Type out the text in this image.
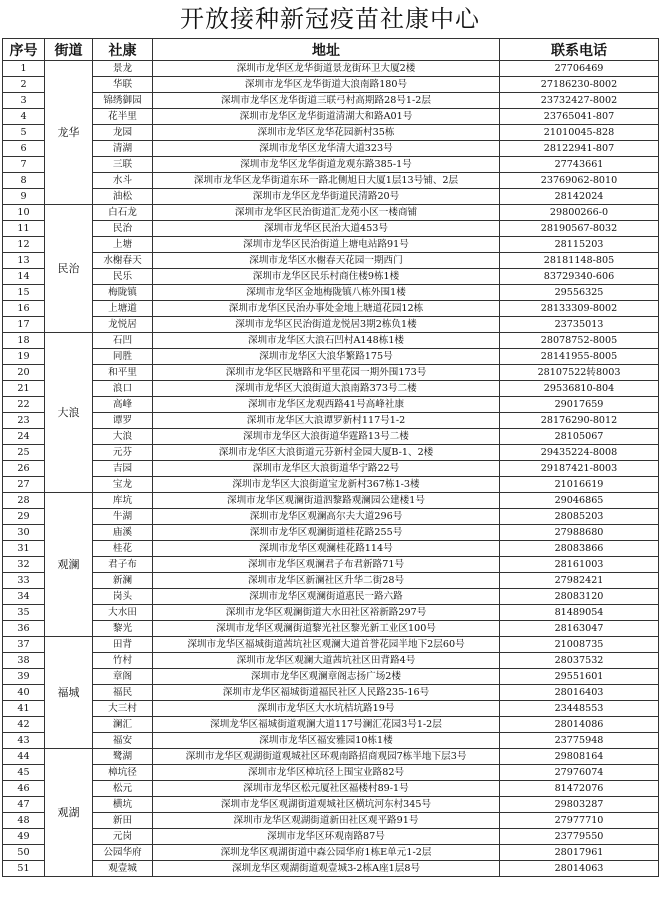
开放接种新冠疫苗社康中心
序号	街道	社康	地址	联系电话
1	龙华	景龙	深圳市龙华区龙华街道景龙街环卫大厦2楼	27706469
2		华联	深圳市龙华区龙华街道大浪南路180号	27186230-8002
3		锦绣御园	深圳市龙华区龙华街道三联弓村高期路28号1-2层	23732427-8002
4		花半里	深圳市龙华区龙华街道清湖大和路A01号	23765041-807
5		龙园	深圳市龙华区龙华花园新村35栋	21010045-828
6		清湖	深圳市龙华区龙华清大道323号	28122941-807
7		三联	深圳市龙华区龙华街道龙观东路385-1号	27743661
8		水斗	深圳市龙华区龙华街道东环一路北侧旭日大厦1层13号铺、2层	23769062-8010
9		油松	深圳市龙华区龙华街道民清路20号	28142024
10	民治	白石龙	深圳市龙华区民治街道汇龙苑小区一楼商铺	29800266-0
11		民治	深圳市龙华区民治大道453号	28190567-8032
12		上塘	深圳市龙华区民治街道上塘电站路91号	28115203
13		水榭春天	深圳市龙华区水榭春天花园一期西门	28181148-805
14		民乐	深圳市龙华区民乐村商住楼9栋1楼	83729340-606
15		梅陇镇	深圳市龙华区金地梅陇镇八栋外围1楼	29556325
16		上塘道	深圳市龙华区民治办事处金地上塘道花园12栋	28133309-8002
17		龙悦居	深圳市龙华区民治街道龙悦居3期2栋负1楼	23735013
18	大浪	石凹	深圳市龙华区大浪石凹村A148栋1楼	28078752-8005
19		同胜	深圳市龙华区大浪华繁路175号	28141955-8005
20		和平里	深圳市龙华区民塘路和平里花园一期外围173号	28107522转8003
21		浪口	深圳市龙华区大浪街道大浪南路373号二楼	29536810-804
22		高峰	深圳市龙华区龙观西路41号高峰社康	29017659
23		谭罗	深圳市龙华区大浪谭罗新村117号1-2	28176290-8012
24		大浪	深圳市龙华区大浪街道华霆路13号二楼	28105067
25		元芬	深圳市龙华区大浪街道元芬新村金园大厦B-1、2楼	29435224-8008
26		吉园	深圳市龙华区大浪街道华宁路22号	29187421-8003
27		宝龙	深圳市龙华区大浪街道宝龙新村367栋1-3楼	21016619
28	观澜	库坑	深圳市龙华区观澜街道泗黎路观澜园公建楼1号	29046865
29		牛湖	深圳市龙华区观澜高尔夫大道296号	28085203
30		庙溪	深圳市龙华区观澜街道桂花路255号	27988680
31		桂花	深圳市龙华区观澜桂花路114号	28083866
32		君子布	深圳市龙华区观澜君子布君新路71号	28161003
33		新澜	深圳市龙华区新澜社区升华二街28号	27982421
34		岗头	深圳市龙华区观澜街道惠民一路六路	28083120
35		大水田	深圳市龙华区观澜街道大水田社区裕新路297号	81489054
36		黎光	深圳市龙华区观澜街道黎光社区黎光新工业区100号	28163047
37	福城	田背	深圳市龙华区福城街道茜坑社区观澜大道首誉花园半地下2层60号	21008735
38		竹村	深圳市龙华区观澜大道茜坑社区田背路4号	28037532
39		章阁	深圳市龙华区观澜章阁志扬广场2楼	29551601
40		福民	深圳市龙华区福城街道福民社区人民路235-16号	28016403
41		大三村	深圳市龙华区大水坑桔坑路19号	23448553
42		澜汇	深圳龙华区福城街道观澜大道117号澜汇花园3号1-2层	28014086
43		福安	深圳市龙华区福安雅园10栋1楼	23775948
44	观湖	鹭湖	深圳市龙华区观湖街道观城社区环观南路招商观园7栋半地下层3号	29808164
45		樟坑径	深圳市龙华区樟坑径上围宝业路82号	27976074
46		松元	深圳市龙华区松元厦社区福楼村89-1号	81472076
47		横坑	深圳市龙华区观湖街道观城社区横坑河东村345号	29803287
48		新田	深圳市龙华区观湖街道新田社区观平路91号	27977710
49		元岗	深圳市龙华区环观南路87号	23779550
50		公园华府	深圳龙华区观湖街道中森公园华府1栋E单元1-2层	28017961
51		观壹城	深圳龙华区观湖街道观壹城3-2栋A座1层8号	28014063
